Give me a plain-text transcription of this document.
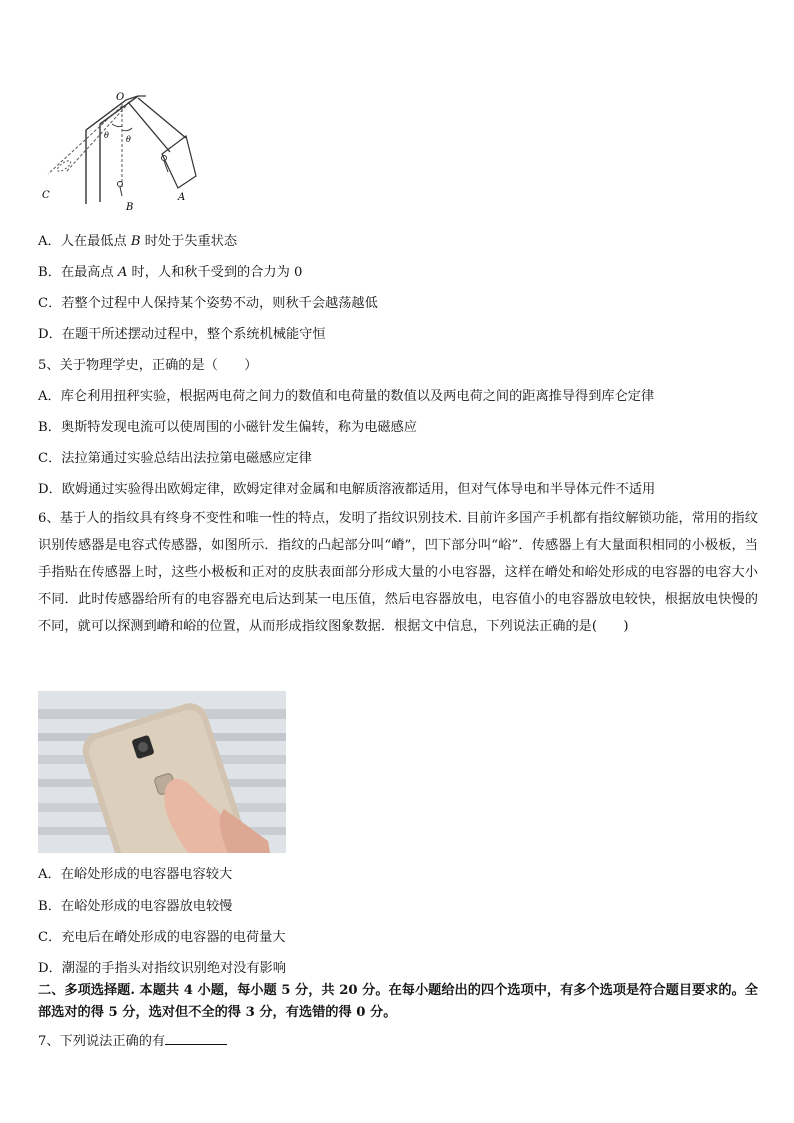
O
θ θ
A
B
C
A．人在最低点 B 时处于失重状态
B．在最高点 A 时，人和秋千受到的合力为 0
C．若整个过程中人保持某个姿势不动，则秋千会越荡越低
D．在题干所述摆动过程中，整个系统机械能守恒
5、关于物理学史，正确的是（　　）
A．库仑利用扭秤实验，根据两电荷之间力的数值和电荷量的数值以及两电荷之间的距离推导得到库仑定律
B．奥斯特发现电流可以使周围的小磁针发生偏转，称为电磁感应
C．法拉第通过实验总结出法拉第电磁感应定律
D．欧姆通过实验得出欧姆定律，欧姆定律对金属和电解质溶液都适用，但对气体导电和半导体元件不适用
6、基于人的指纹具有终身不变性和唯一性的特点，发明了指纹识别技术. 目前许多国产手机都有指纹解锁功能，常用的指纹识别传感器是电容式传感器，如图所示．指纹的凸起部分叫“嵴”，凹下部分叫“峪”．传感器上有大量面积相同的小极板，当手指贴在传感器上时，这些小极板和正对的皮肤表面部分形成大量的小电容器，这样在嵴处和峪处形成的电容器的电容大小不同．此时传感器给所有的电容器充电后达到某一电压值，然后电容器放电，电容值小的电容器放电较快，根据放电快慢的不同，就可以探测到嵴和峪的位置，从而形成指纹图象数据．根据文中信息，下列说法正确的是(　　)
A．在峪处形成的电容器电容较大
B．在峪处形成的电容器放电较慢
C．充电后在嵴处形成的电容器的电荷量大
D．潮湿的手指头对指纹识别绝对没有影响
二、多项选择题. 本题共 4 小题，每小题 5 分，共 20 分。在每小题给出的四个选项中，有多个选项是符合题目要求的。全部选对的得 5 分，选对但不全的得 3 分，有选错的得 0 分。
7、下列说法正确的有
